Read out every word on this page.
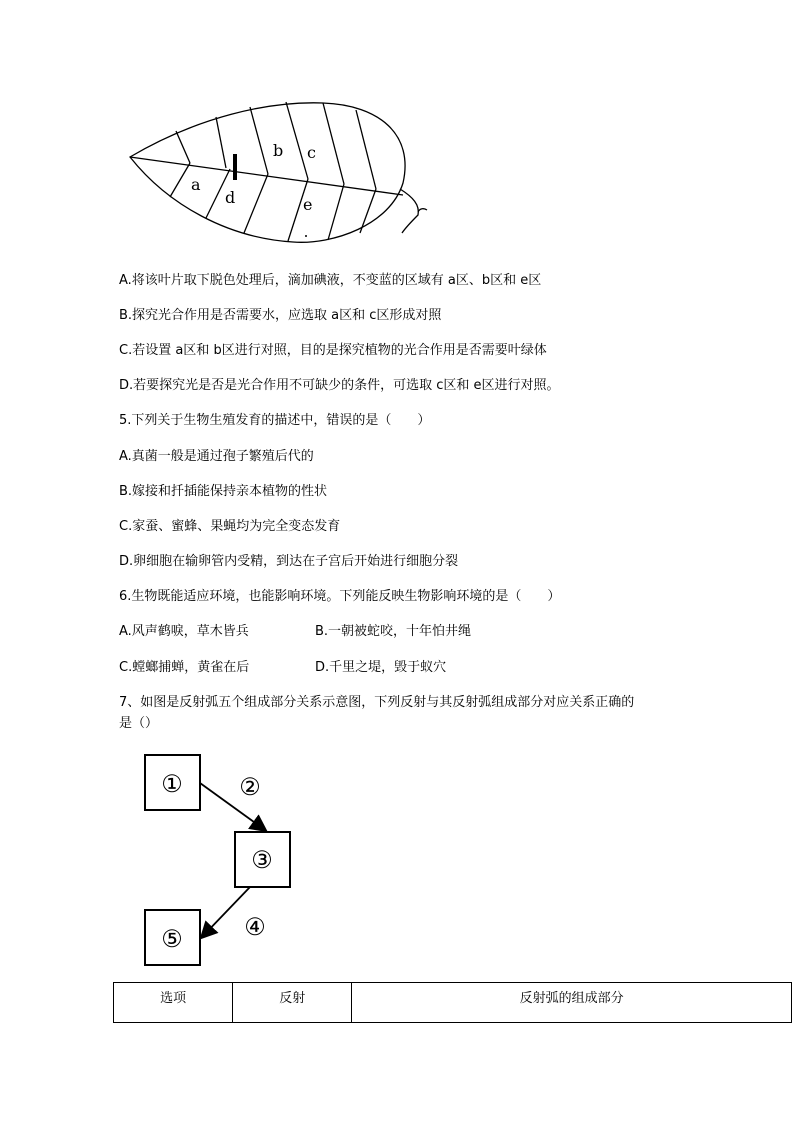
a
b c
d	e
A.将该叶片取下脱色处理后，滴加碘液，不变蓝的区域有 a区、b区和 e区
B.探究光合作用是否需要水，应选取 a区和 c区形成对照
C.若设置 a区和 b区进行对照，目的是探究植物的光合作用是否需要叶绿体
D.若要探究光是否是光合作用不可缺少的条件，可选取 c区和 e区进行对照。
5.下列关于生物生殖发育的描述中，错误的是（　　）
A.真菌一般是通过孢子繁殖后代的
B.嫁接和扦插能保持亲本植物的性状
C.家蚕、蜜蜂、果蝇均为完全变态发育
D.卵细胞在输卵管内受精，到达在子宫后开始进行细胞分裂
6.生物既能适应环境，也能影响环境。下列能反映生物影响环境的是（　　）
A.风声鹤唳，草木皆兵	B.一朝被蛇咬，十年怕井绳
C.螳螂捕蝉，黄雀在后	D.千里之堤，毁于蚁穴
7、如图是反射弧五个组成部分关系示意图，下列反射与其反射弧组成部分对应关系正确的
是（）
① ②
③
④
⑤
选项	反射	反射弧的组成部分
